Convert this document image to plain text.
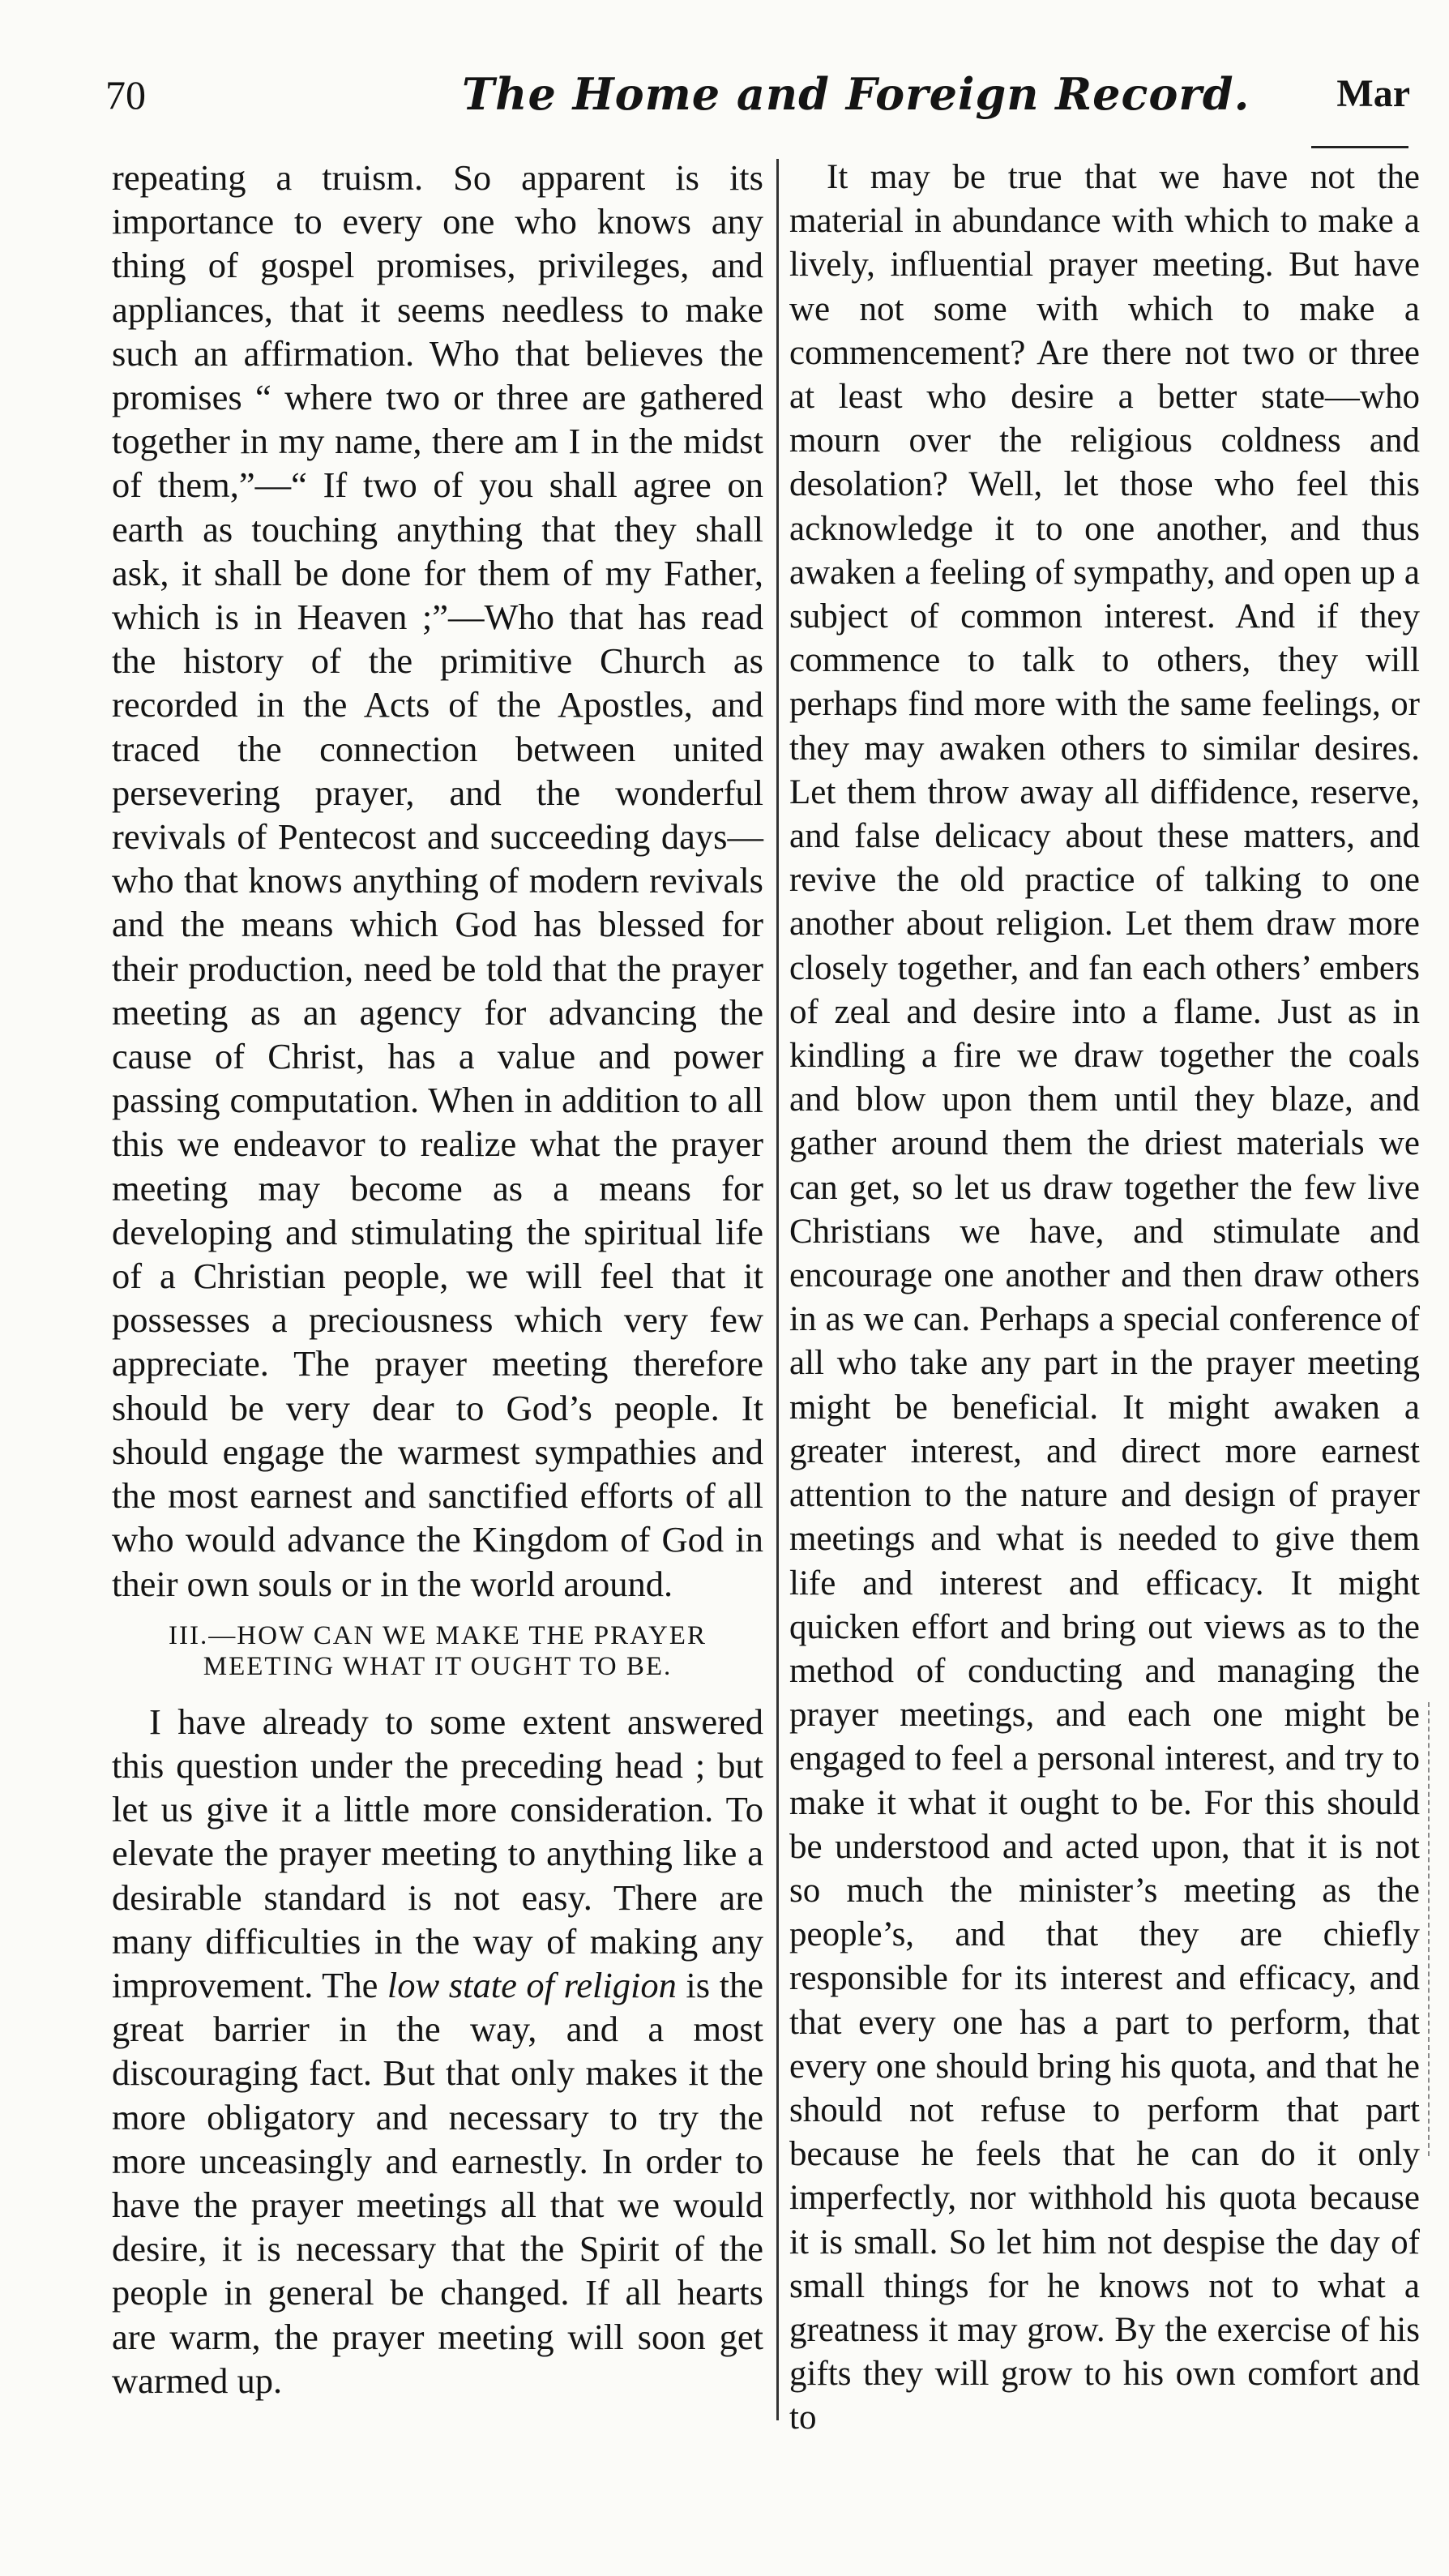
70	The Home and Foreign Record. Mar

repeating a truism. So apparent is its importance to every one who knows any thing of gospel promises, privileges, and appliances, that it seems needless to make such an affirmation. Who that believes the promises “ where two or three are gathered together in my name, there am I in the midst of them,”—“ If two of you shall agree on earth as touching anything that they shall ask, it shall be done for them of my Father, which is in Heaven ;”—Who that has read the history of the primitive Church as recorded in the Acts of the Apostles, and traced the connection between united persevering prayer, and the wonderful revivals of Pentecost and succeeding days—who that knows anything of modern revivals and the means which God has blessed for their production, need be told that the prayer meeting as an agency for advancing the cause of Christ, has a value and power passing computation. When in addition to all this we endeavor to realize what the prayer meeting may become as a means for developing and stimulating the spiritual life of a Christian people, we will feel that it possesses a preciousness which very few appreciate. The prayer meeting therefore should be very dear to God’s people. It should engage the warmest sympathies and the most earnest and sanctified efforts of all who would advance the Kingdom of God in their own souls or in the world around.

III.—HOW CAN WE MAKE THE PRAYER MEETING WHAT IT OUGHT TO BE.

I have already to some extent answered this question under the preceding head ; but let us give it a little more consideration. To elevate the prayer meeting to anything like a desirable standard is not easy. There are many difficulties in the way of making any improvement. The low state of religion is the great barrier in the way, and a most discouraging fact. But that only makes it the more obligatory and necessary to try the more unceasingly and earnestly. In order to have the prayer meetings all that we would desire, it is necessary that the Spirit of the people in general be changed. If all hearts are warm, the prayer meeting will soon get warmed up.

It may be true that we have not the material in abundance with which to make a lively, influential prayer meeting. But have we not some with which to make a commencement? Are there not two or three at least who desire a better state—who mourn over the religious coldness and desolation? Well, let those who feel this acknowledge it to one another, and thus awaken a feeling of sympathy, and open up a subject of common interest. And if they commence to talk to others, they will perhaps find more with the same feelings, or they may awaken others to similar desires. Let them throw away all diffidence, reserve, and false delicacy about these matters, and revive the old practice of talking to one another about religion. Let them draw more closely together, and fan each others’ embers of zeal and desire into a flame. Just as in kindling a fire we draw together the coals and blow upon them until they blaze, and gather around them the driest materials we can get, so let us draw together the few live Christians we have, and stimulate and encourage one another and then draw others in as we can. Perhaps a special conference of all who take any part in the prayer meeting might be beneficial. It might awaken a greater interest, and direct more earnest attention to the nature and design of prayer meetings and what is needed to give them life and interest and efficacy. It might quicken effort and bring out views as to the method of conducting and managing the prayer meetings, and each one might be engaged to feel a personal interest, and try to make it what it ought to be. For this should be understood and acted upon, that it is not so much the minister’s meeting as the people’s, and that they are chiefly responsible for its interest and efficacy, and that every one has a part to perform, that every one should bring his quota, and that he should not refuse to perform that part because he feels that he can do it only imperfectly, nor withhold his quota because it is small. So let him not despise the day of small things for he knows not to what a greatness it may grow. By the exercise of his gifts they will grow to his own comfort and to
